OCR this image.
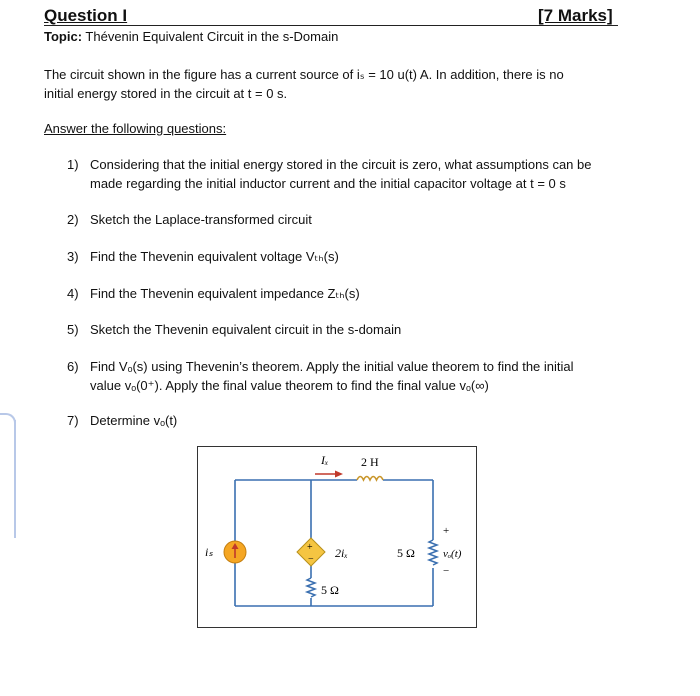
Question I	[7 Marks]
Topic: Thévenin Equivalent Circuit in the s-Domain
The circuit shown in the figure has a current source of iₛ = 10 u(t) A. In addition, there is no
initial energy stored in the circuit at t = 0 s.
Answer the following questions:
1) Considering that the initial energy stored in the circuit is zero, what assumptions can be
made regarding the initial inductor current and the initial capacitor voltage at t = 0 s
2) Sketch the Laplace-transformed circuit
3) Find the Thevenin equivalent voltage Vₜₕ(s)
4) Find the Thevenin equivalent impedance Zₜₕ(s)
5) Sketch the Thevenin equivalent circuit in the s-domain
6) Find Vₒ(s) using Thevenin’s theorem. Apply the initial value theorem to find the initial
value vₒ(0⁺). Apply the final value theorem to find the final value vₒ(∞)
7) Determine vₒ(t)
2 H
Iₓ
iₛ	+
− 2iₓ
5 Ω
5 Ω
+
−
vₒ(t)
